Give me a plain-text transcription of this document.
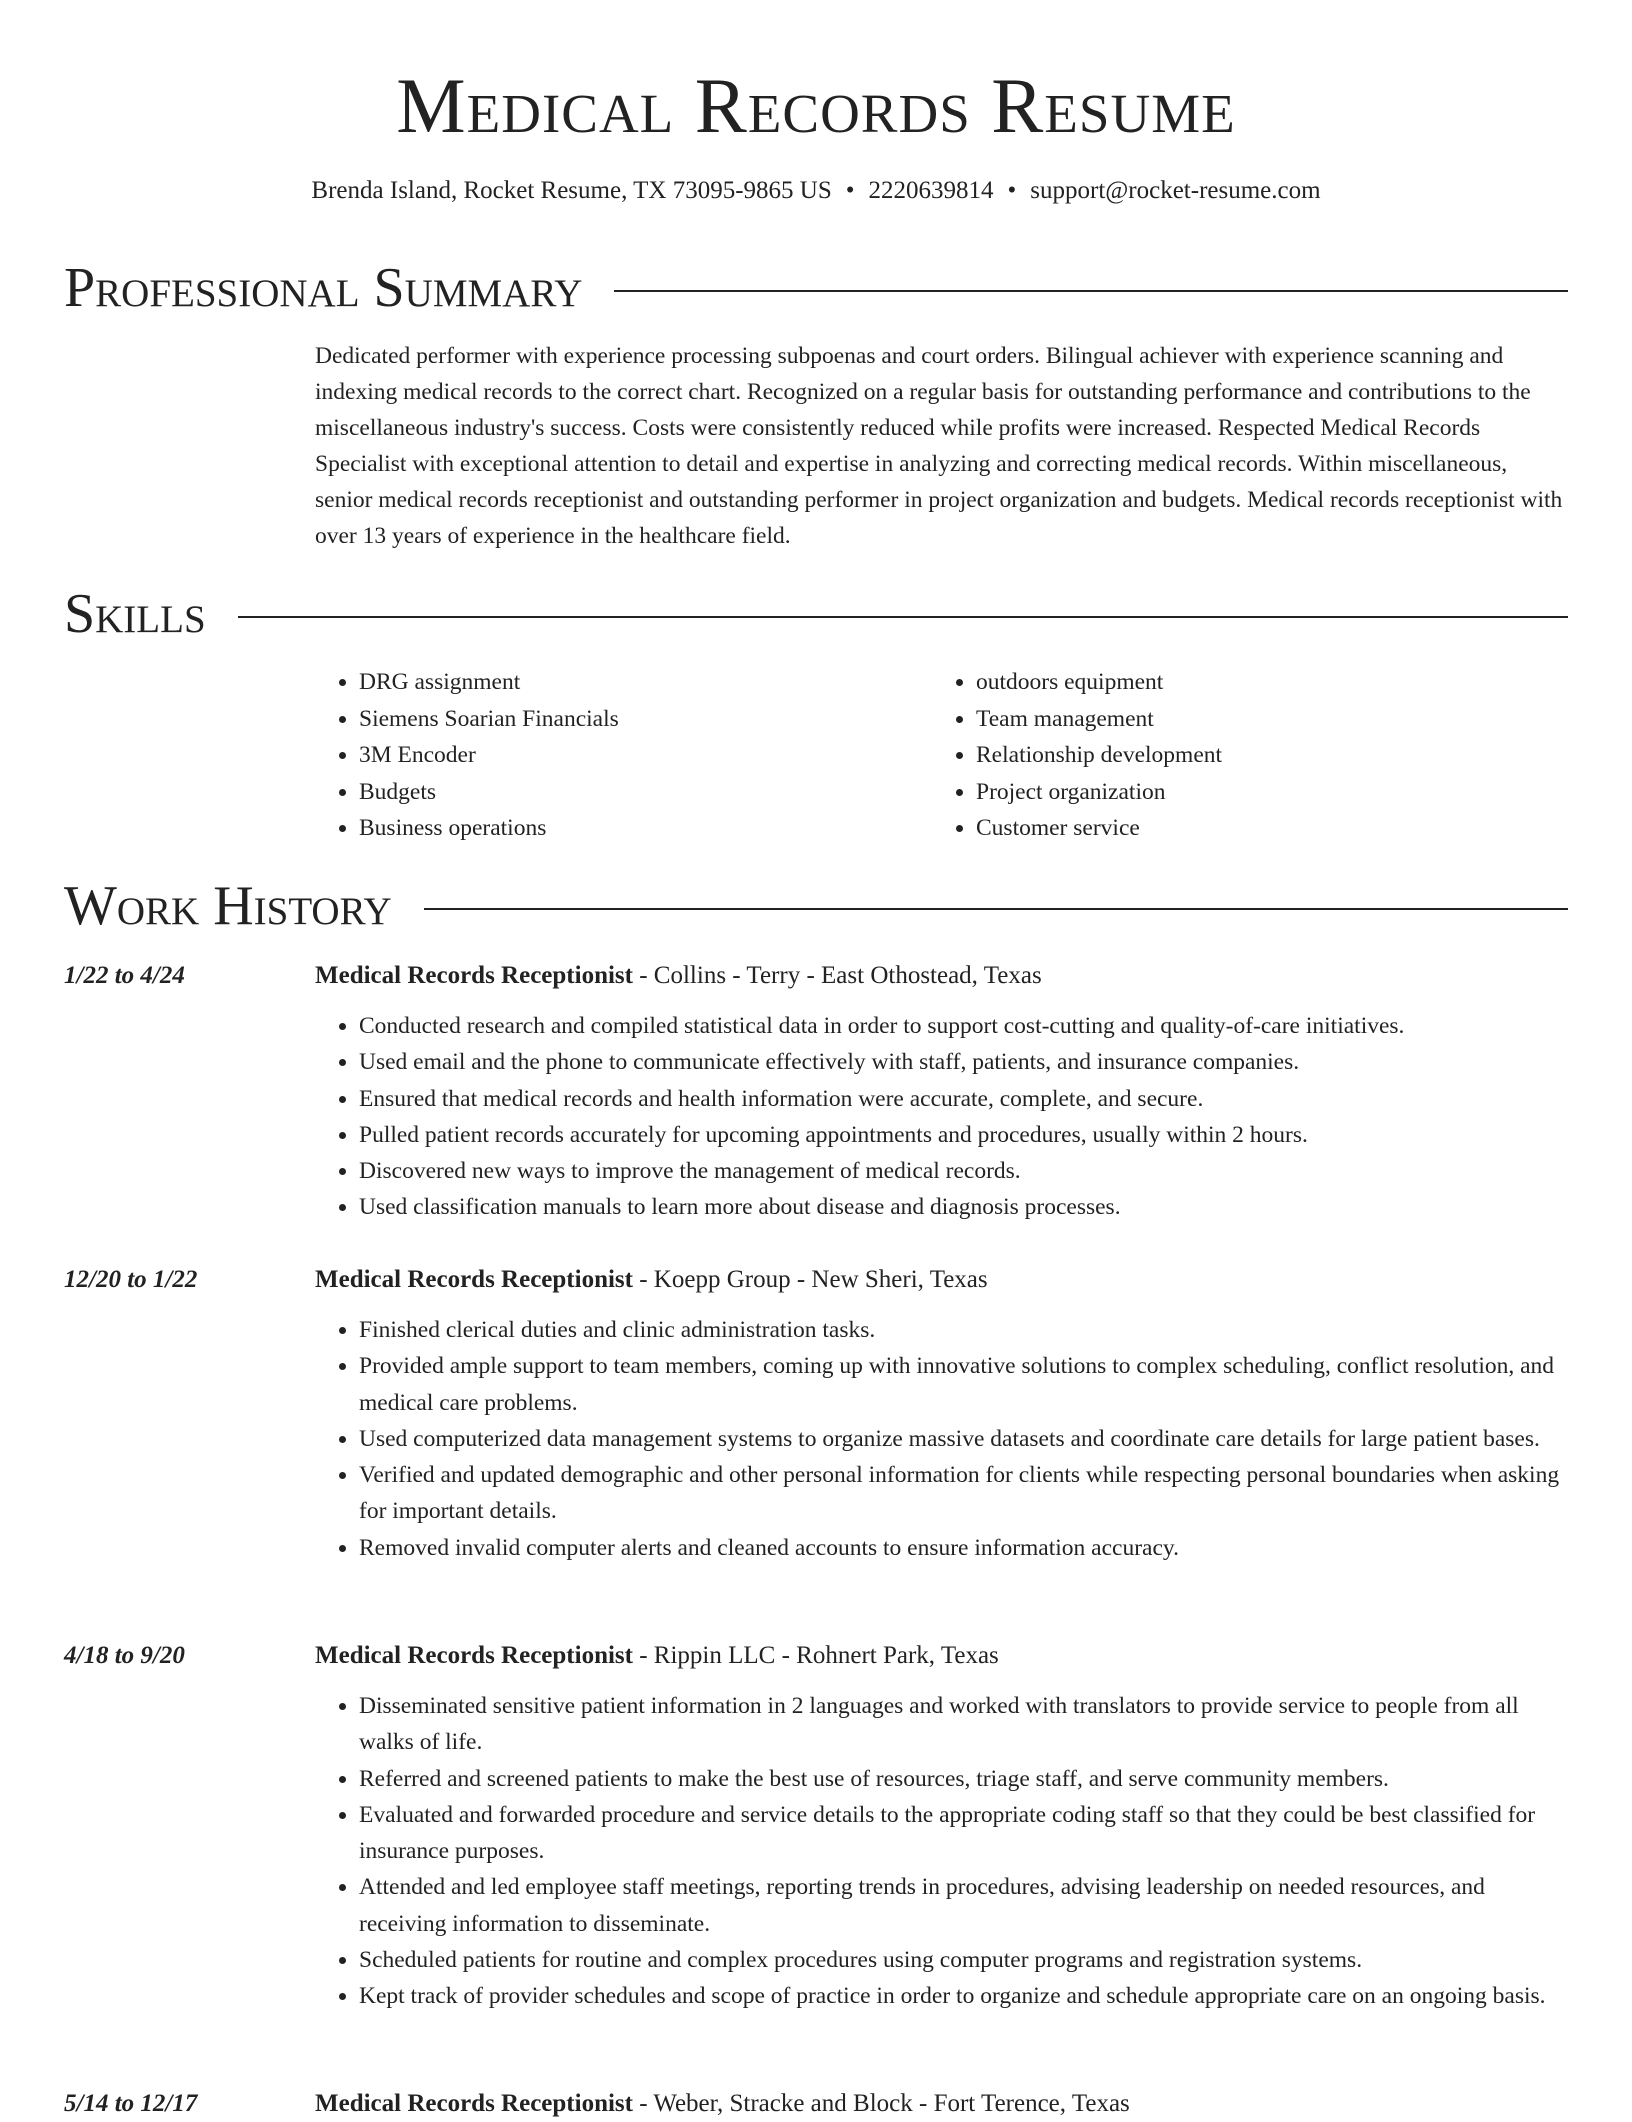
Medical Records Resume
Brenda Island, Rocket Resume, TX 73095-9865 US • 2220639814 • support@rocket-resume.com
Professional Summary

Dedicated performer with experience processing subpoenas and court orders. Bilingual achiever with experience scanning and indexing medical records to the correct chart. Recognized on a regular basis for outstanding performance and contributions to the miscellaneous industry's success. Costs were consistently reduced while profits were increased. Respected Medical Records Specialist with exceptional attention to detail and expertise in analyzing and correcting medical records. Within miscellaneous, senior medical records receptionist and outstanding performer in project organization and budgets. Medical records receptionist with over 13 years of experience in the healthcare field.

Skills
• DRG assignment
• Siemens Soarian Financials
• 3M Encoder
• Budgets
• Business operations
• outdoors equipment
• Team management
• Relationship development
• Project organization
• Customer service
Work History
1/22 to 4/24	Medical Records Receptionist - Collins - Terry - East Othostead, Texas
• Conducted research and compiled statistical data in order to support cost-cutting and quality-of-care initiatives.
• Used email and the phone to communicate effectively with staff, patients, and insurance companies.
• Ensured that medical records and health information were accurate, complete, and secure.
• Pulled patient records accurately for upcoming appointments and procedures, usually within 2 hours.
• Discovered new ways to improve the management of medical records.
• Used classification manuals to learn more about disease and diagnosis processes.
12/20 to 1/22	Medical Records Receptionist - Koepp Group - New Sheri, Texas
• Finished clerical duties and clinic administration tasks.
• Provided ample support to team members, coming up with innovative solutions to complex scheduling, conflict resolution, and medical care problems.
• Used computerized data management systems to organize massive datasets and coordinate care details for large patient bases.
• Verified and updated demographic and other personal information for clients while respecting personal boundaries when asking for important details.
• Removed invalid computer alerts and cleaned accounts to ensure information accuracy.
4/18 to 9/20	Medical Records Receptionist - Rippin LLC - Rohnert Park, Texas
• Disseminated sensitive patient information in 2 languages and worked with translators to provide service to people from all walks of life.
• Referred and screened patients to make the best use of resources, triage staff, and serve community members.
• Evaluated and forwarded procedure and service details to the appropriate coding staff so that they could be best classified for insurance purposes.
• Attended and led employee staff meetings, reporting trends in procedures, advising leadership on needed resources, and receiving information to disseminate.
• Scheduled patients for routine and complex procedures using computer programs and registration systems.
• Kept track of provider schedules and scope of practice in order to organize and schedule appropriate care on an ongoing basis.
5/14 to 12/17	Medical Records Receptionist - Weber, Stracke and Block - Fort Terence, Texas
